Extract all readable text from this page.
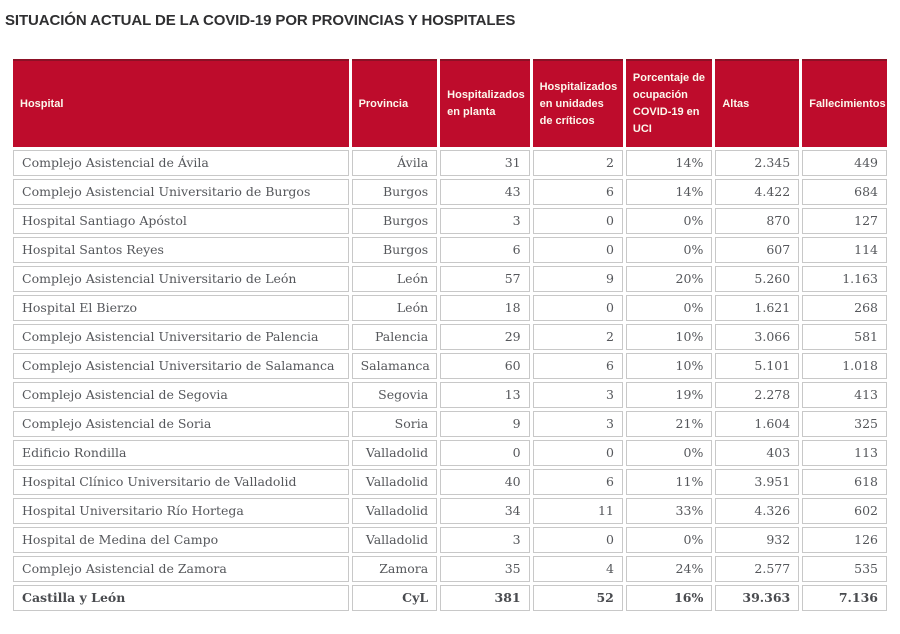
SITUACIÓN ACTUAL DE LA COVID-19 POR PROVINCIAS Y HOSPITALES
Hospital	Provincia	Hospitalizados en planta	Hospitalizados en unidades de críticos	Porcentaje de ocupación COVID-19 en UCI	Altas	Fallecimientos
Complejo Asistencial de Ávila	Ávila	31	2	14%	2.345	449
Complejo Asistencial Universitario de Burgos	Burgos	43	6	14%	4.422	684
Hospital Santiago Apóstol	Burgos	3	0	0%	870	127
Hospital Santos Reyes	Burgos	6	0	0%	607	114
Complejo Asistencial Universitario de León	León	57	9	20%	5.260	1.163
Hospital El Bierzo	León	18	0	0%	1.621	268
Complejo Asistencial Universitario de Palencia	Palencia	29	2	10%	3.066	581
Complejo Asistencial Universitario de Salamanca	Salamanca	60	6	10%	5.101	1.018
Complejo Asistencial de Segovia	Segovia	13	3	19%	2.278	413
Complejo Asistencial de Soria	Soria	9	3	21%	1.604	325
Edificio Rondilla	Valladolid	0	0	0%	403	113
Hospital Clínico Universitario de Valladolid	Valladolid	40	6	11%	3.951	618
Hospital Universitario Río Hortega	Valladolid	34	11	33%	4.326	602
Hospital de Medina del Campo	Valladolid	3	0	0%	932	126
Complejo Asistencial de Zamora	Zamora	35	4	24%	2.577	535
Castilla y León	CyL	381	52	16%	39.363	7.136
